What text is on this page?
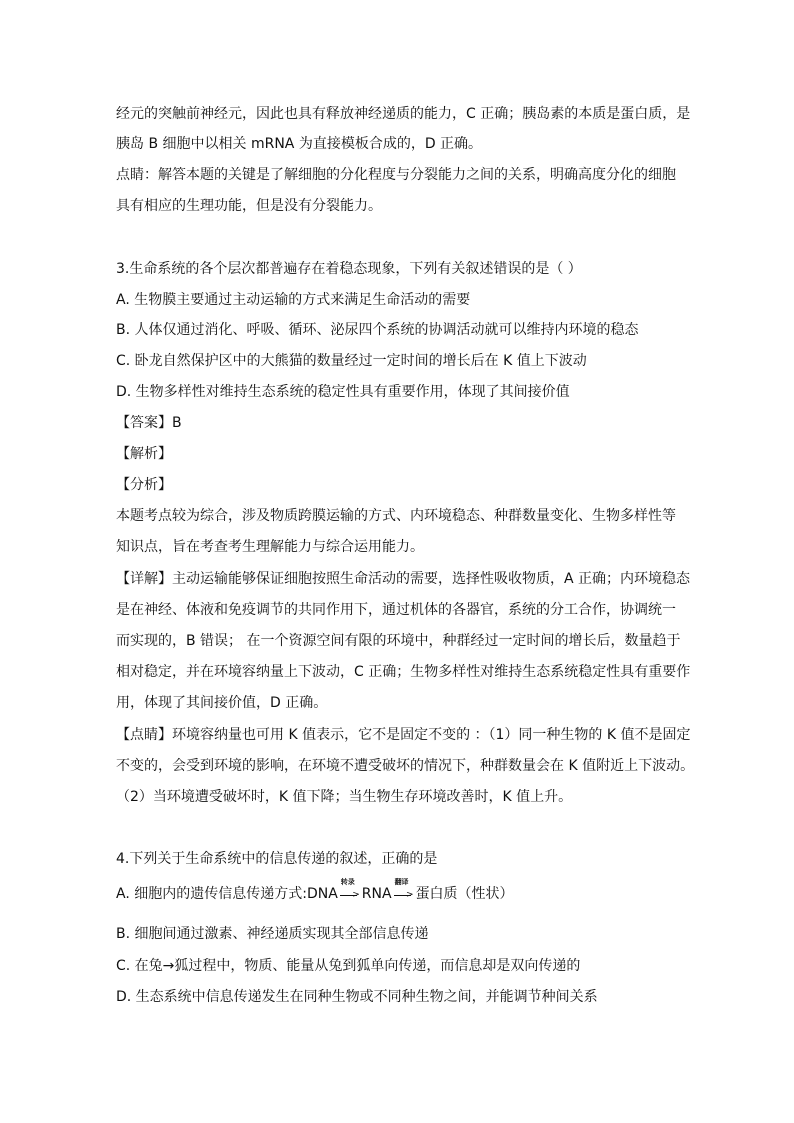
经元的突触前神经元，因此也具有释放神经递质的能力，C 正确；胰岛素的本质是蛋白质，是
胰岛 B 细胞中以相关 mRNA 为直接模板合成的，D 正确。
点睛：解答本题的关键是了解细胞的分化程度与分裂能力之间的关系，明确高度分化的细胞
具有相应的生理功能，但是没有分裂能力。
3.生命系统的各个层次都普遍存在着稳态现象，下列有关叙述错误的是（ ）
A. 生物膜主要通过主动运输的方式来满足生命活动的需要
B. 人体仅通过消化、呼吸、循环、泌尿四个系统的协调活动就可以维持内环境的稳态
C. 卧龙自然保护区中的大熊猫的数量经过一定时间的增长后在 K 值上下波动
D. 生物多样性对维持生态系统的稳定性具有重要作用，体现了其间接价值
【答案】B
【解析】
【分析】
本题考点较为综合，涉及物质跨膜运输的方式、内环境稳态、种群数量变化、生物多样性等
知识点，旨在考查考生理解能力与综合运用能力。
【详解】主动运输能够保证细胞按照生命活动的需要，选择性吸收物质，A 正确；内环境稳态
是在神经、体液和免疫调节的共同作用下，通过机体的各器官，系统的分工合作，协调统一
而实现的，B 错误； 在一个资源空间有限的环境中，种群经过一定时间的增长后，数量趋于
相对稳定，并在环境容纳量上下波动，C 正确；生物多样性对维持生态系统稳定性具有重要作
用，体现了其间接价值，D 正确。
【点睛】环境容纳量也可用 K 值表示，它不是固定不变的 ：（1）同一种生物的 K 值不是固定
不变的，会受到环境的影响，在环境不遭受破坏的情况下，种群数量会在 K 值附近上下波动。
（2）当环境遭受破坏时，K 值下降；当生物生存环境改善时，K 值上升。
4.下列关于生命系统中的信息传递的叙述，正确的是
A. 细胞内的遗传信息传递方式:DNA
转录
> RNA
翻译
> 蛋白质（性状）
B. 细胞间通过激素、神经递质实现其全部信息传递
C. 在兔→狐过程中，物质、能量从兔到狐单向传递，而信息却是双向传递的
D. 生态系统中信息传递发生在同种生物或不同种生物之间，并能调节种间关系
